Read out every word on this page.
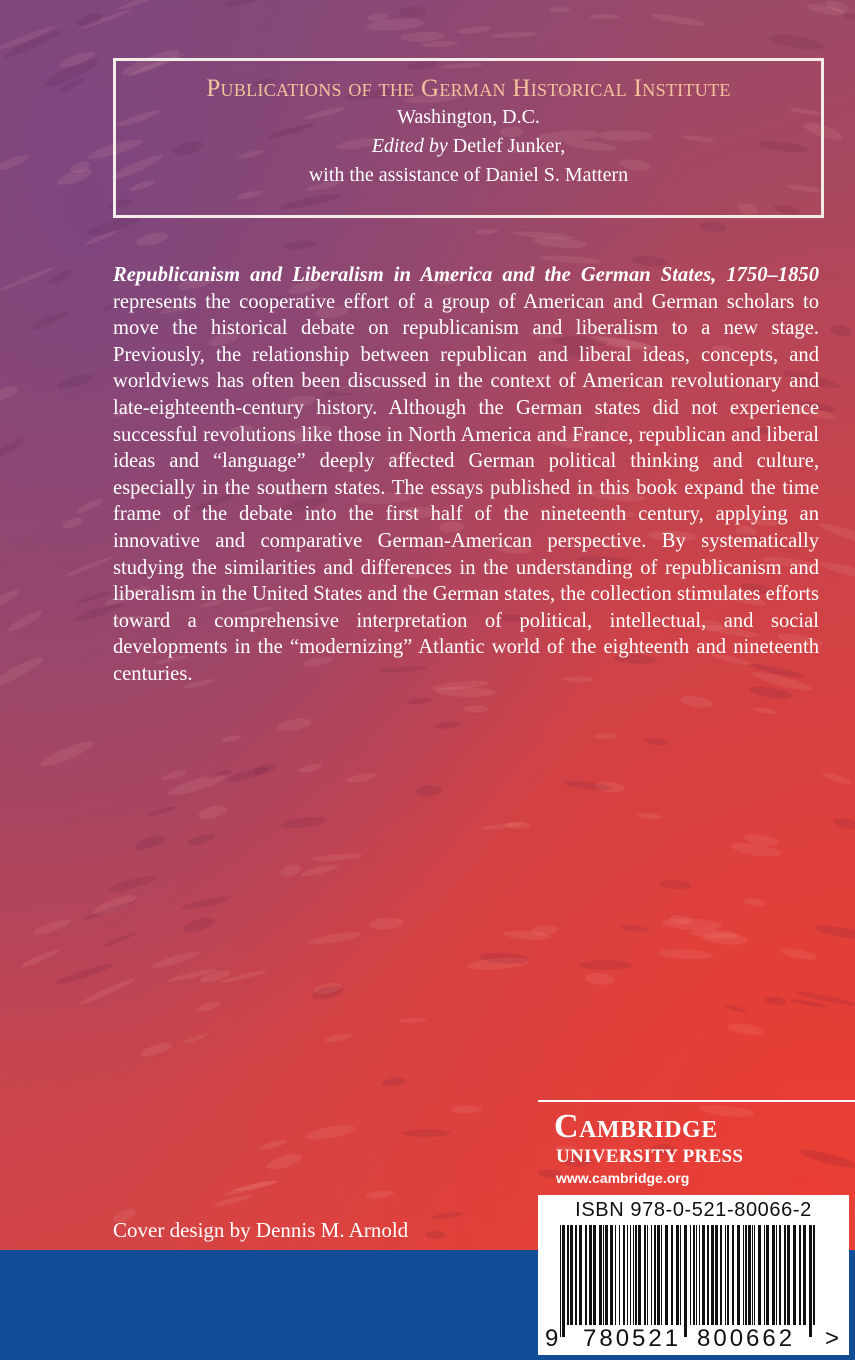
Publications of the German Historical Institute
Washington, D.C.
Edited by Detlef Junker,
with the assistance of Daniel S. Mattern
Republicanism and Liberalism in America and the German States, 1750–1850 represents the cooperative effort of a group of American and German scholars to move the historical debate on republicanism and liberalism to a new stage. Previously, the relationship between republican and liberal ideas, concepts, and worldviews has often been discussed in the context of American revolutionary and late-eighteenth-century history. Although the German states did not experience successful revolutions like those in North America and France, republican and liberal ideas and “language” deeply affected German political thinking and culture, especially in the southern states. The essays published in this book expand the time frame of the debate into the first half of the nineteenth century, applying an innovative and comparative German-American perspective. By systematically studying the similarities and differences in the understanding of republicanism and liberalism in the United States and the German states, the collection stimulates efforts toward a comprehensive interpretation of political, intellectual, and social developments in the “modernizing” Atlantic world of the eighteenth and nineteenth centuries.
Cover design by Dennis M. Arnold
Cambridge
UNIVERSITY PRESS
www.cambridge.org
ISBN 978-0-521-80066-2
9 780521 800662 >
